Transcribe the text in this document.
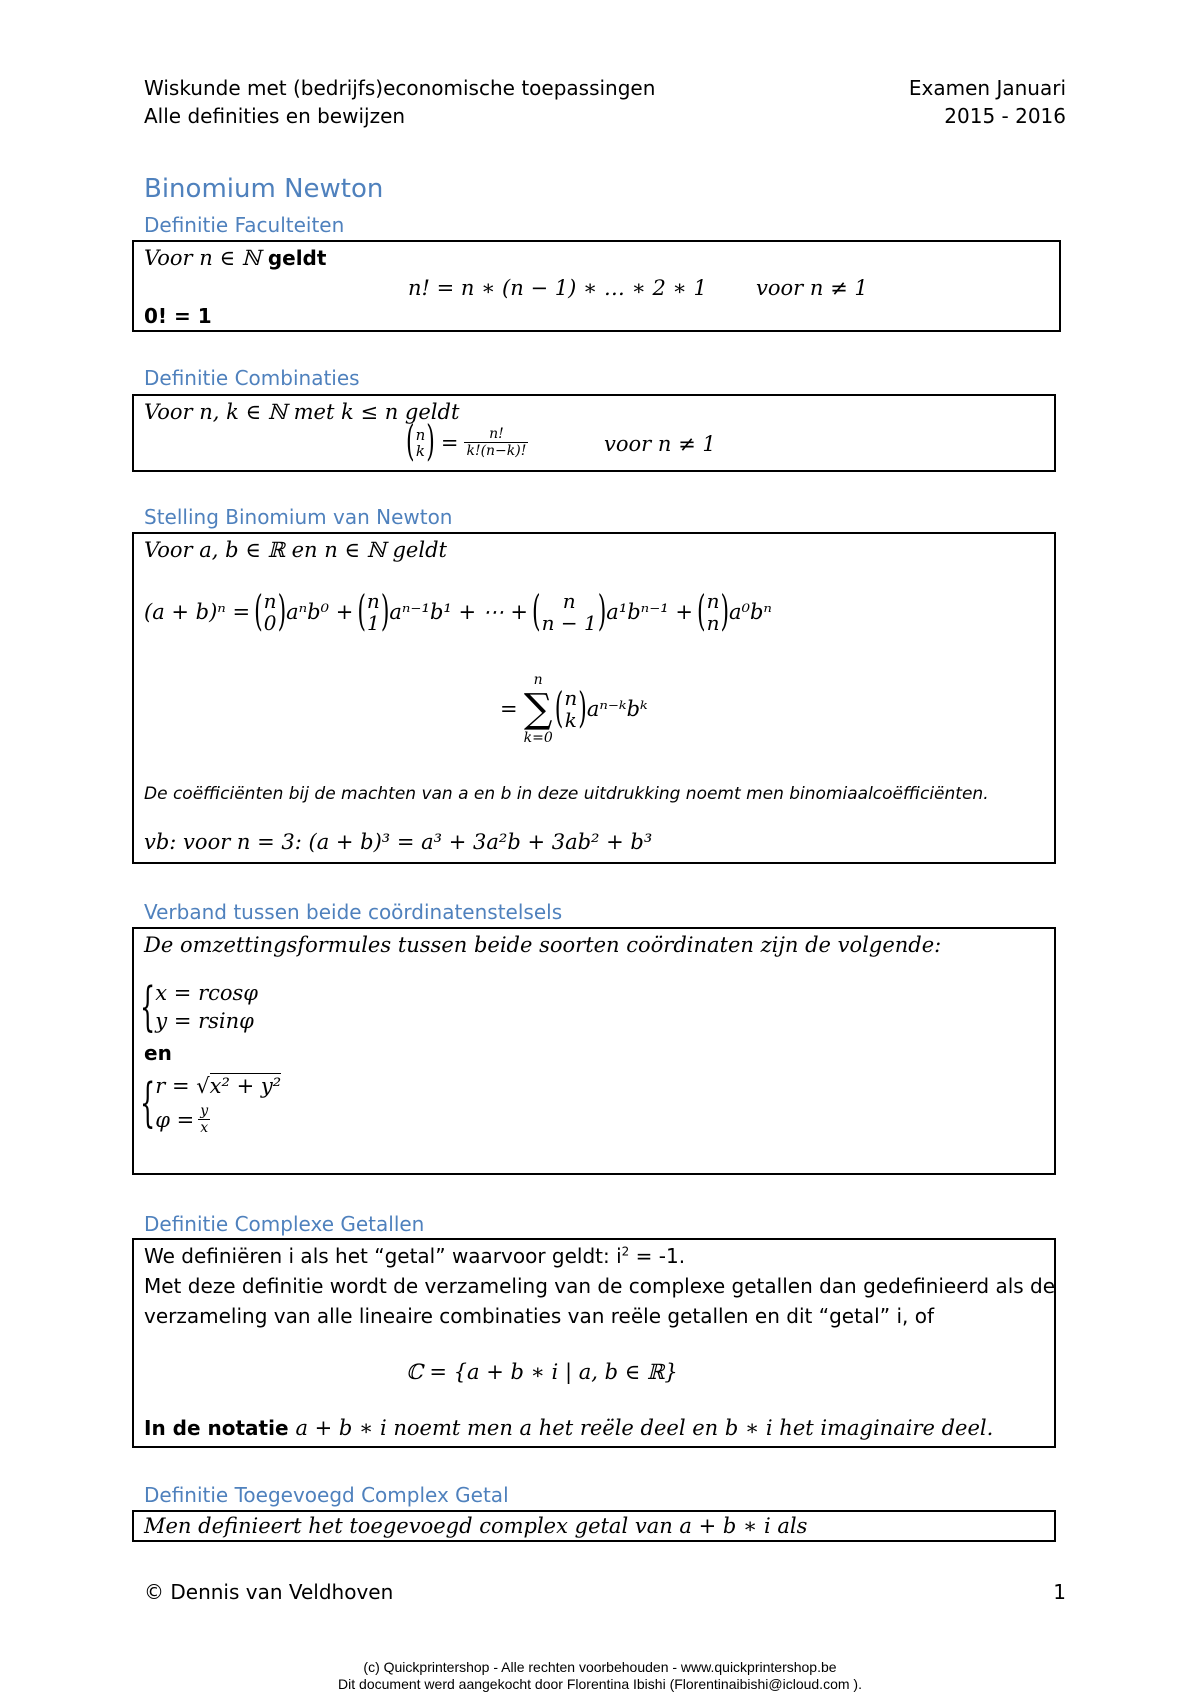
Wiskunde met (bedrijfs)economische toepassingen
Alle definities en bewijzen
Examen Januari
2015 - 2016
Binomium Newton
Definitie Faculteiten
Voor n ∈ ℕ geldt
n! = n ∗ (n − 1) ∗ … ∗ 2 ∗ 1 voor n ≠ 1
0! = 1
Definitie Combinaties
Voor n, k ∈ ℕ met k ≤ n geldt
( n
k ) = $\frac{n!}{k!(n-k)!}$	voor n ≠ 1
Stelling Binomium van Newton
Voor a, b ∈ ℝ en n ∈ ℕ geldt
(a + b)ⁿ = ( n
0 ) aⁿb⁰ + ( n
1 ) aⁿ⁻¹b¹ + ⋯ + (	n
n − 1 ) a¹bⁿ⁻¹ + ( n
n ) a⁰bⁿ
=
n
∑
k=0
( n
k ) aⁿ⁻ᵏbᵏ
De coëfficiënten bij de machten van a en b in deze uitdrukking noemt men binomiaalcoëfficiënten.
vb: voor n = 3: (a + b)³ = a³ + 3a²b + 3ab² + b³
Verband tussen beide coördinatenstelsels
De omzettingsformules tussen beide soorten coördinaten zijn de volgende:
{ x = rcosφ
y = rsinφ
en
{ r = √x² + y²
$\varphi = \frac{y}{x}$
Definitie Complexe Getallen
We definiëren i als het “getal” waarvoor geldt: $i^2 = -1$.
Met deze definitie wordt de verzameling van de complexe getallen dan gedefinieerd als de
verzameling van alle lineaire combinaties van reële getallen en dit “getal” i, of
ℂ = {a + b ∗ i | a, b ∈ ℝ}
In de notatie a + b ∗ i noemt men a het reële deel en b ∗ i het imaginaire deel.
Definitie Toegevoegd Complex Getal
Men definieert het toegevoegd complex getal van a + b ∗ i als
© Dennis van Veldhoven	1
(c) Quickprintershop - Alle rechten voorbehouden - www.quickprintershop.be
Dit document werd aangekocht door Florentina Ibishi (Florentinaibishi@icloud.com ).
